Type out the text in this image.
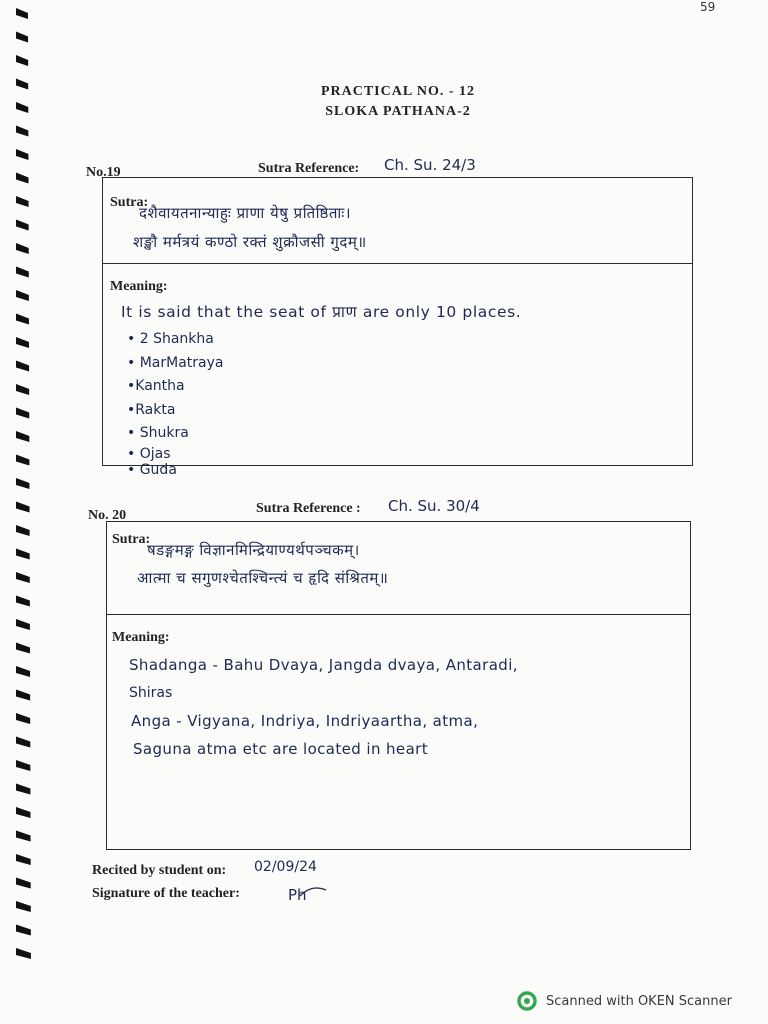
59
PRACTICAL NO. - 12
SLOKA PATHANA-2
No.19	Sutra Reference: Ch. Su. 24/3
Sutra:
दशैवायतनान्याहुः प्राणा येषु प्रतिष्ठिताः।
शङ्खौ मर्मत्रयं कण्ठो रक्तं शुक्रौजसी गुदम्॥
Meaning:
It is said that the seat of प्राण are only 10 places.
• 2 Shankha
• MarMatraya
•Kantha
•Rakta
• Shukra
• Ojas
• Guda
No. 20	Sutra Reference : Ch. Su. 30/4
Sutra:
षडङ्गमङ्ग विज्ञानमिन्द्रियाण्यर्थपञ्चकम्।
आत्मा च सगुणश्चेतश्चिन्त्यं च हृदि संश्रितम्॥
Meaning:
Shadanga - Bahu Dvaya, Jangda dvaya, Antaradi,
Shiras
Anga - Vigyana, Indriya, Indriyaartha, atma,
Saguna atma etc are located in heart
Recited by student on: 02/09/24
Signature of the teacher:	Ph
Scanned with OKEN Scanner
